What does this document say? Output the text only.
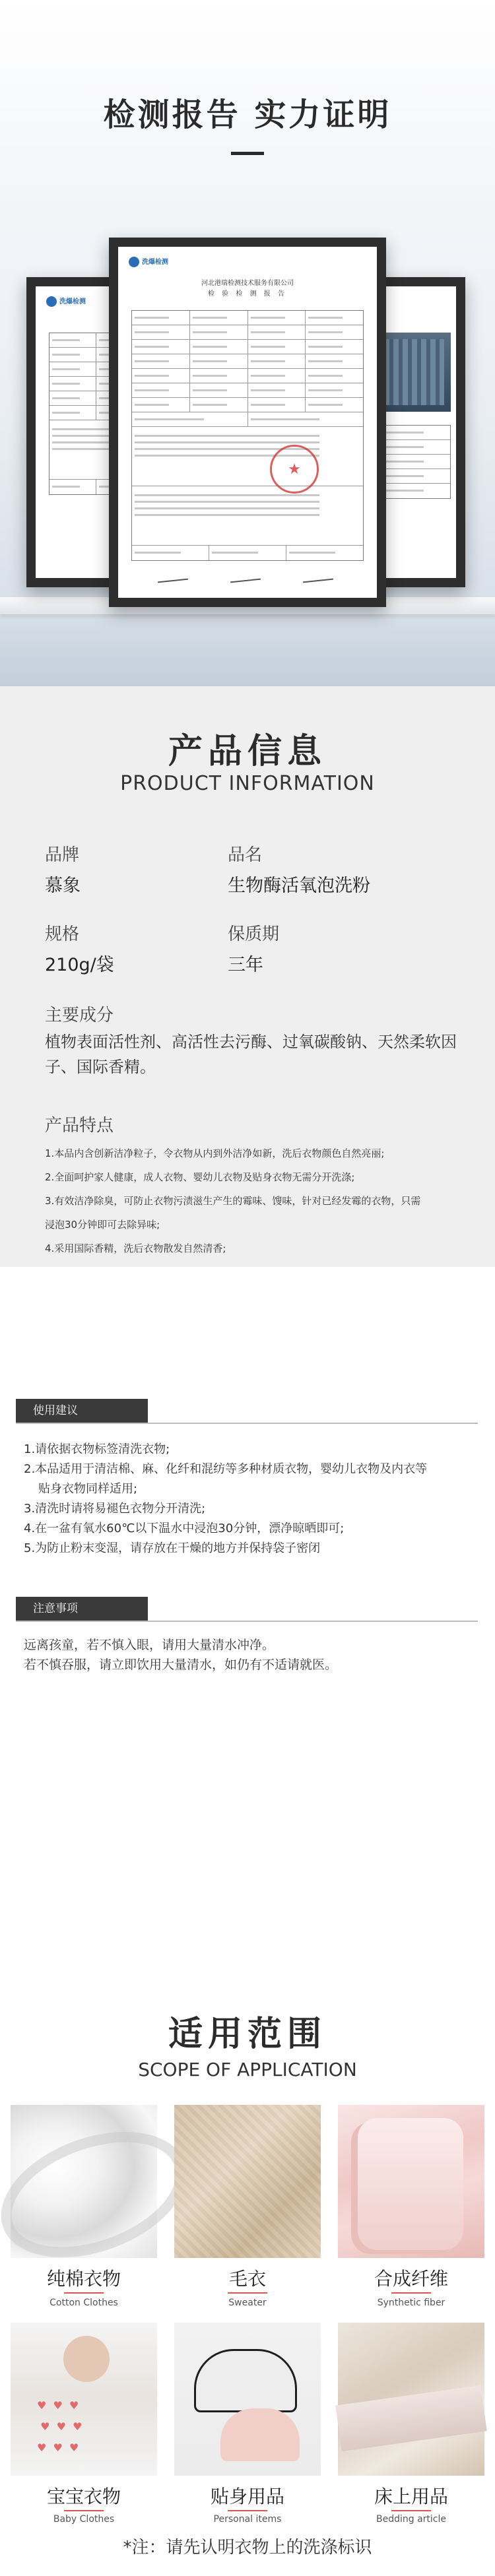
检测报告 实力证明
洗爆检测
洗爆检测
河北港瑞检测技术服务有限公司
检 验 检 测 报 告
★
产品信息
PRODUCT INFORMATION
品牌
慕象
品名
生物酶活氧泡洗粉
规格
210g/袋
保质期
三年
主要成分
植物表面活性剂、高活性去污酶、过氧碳酸钠、天然柔软因子、国际香精。
产品特点
1.本品内含创新洁净粒子，令衣物从内到外洁净如新，洗后衣物颜色自然亮丽;
2.全面呵护家人健康，成人衣物、婴幼儿衣物及贴身衣物无需分开洗涤;
3.有效洁净除臭，可防止衣物污渍滋生产生的霉味、馊味，针对已经发霉的衣物，只需
浸泡30分钟即可去除异味;
4.采用国际香精，洗后衣物散发自然清香;
使用建议
1.请依据衣物标签清洗衣物;
2.本品适用于清洁棉、麻、化纤和混纺等多种材质衣物，婴幼儿衣物及内衣等
贴身衣物同样适用;
3.清洗时请将易褪色衣物分开清洗;
4.在一盆有氧水60℃以下温水中浸泡30分钟，漂净晾晒即可;
5.为防止粉末变湿，请存放在干燥的地方并保持袋子密闭
注意事项
远离孩童，若不慎入眼，请用大量清水冲净。
若不慎吞服，请立即饮用大量清水，如仍有不适请就医。
适用范围
SCOPE OF APPLICATION
纯棉衣物
Cotton Clothes
毛衣
Sweater
合成纤维
Synthetic fiber
♥ ♥ ♥ ♥ ♥ ♥ ♥ ♥ ♥
宝宝衣物
Baby Clothes
贴身用品
Personal items
床上用品
Bedding article
*注：请先认明衣物上的洗涤标识
